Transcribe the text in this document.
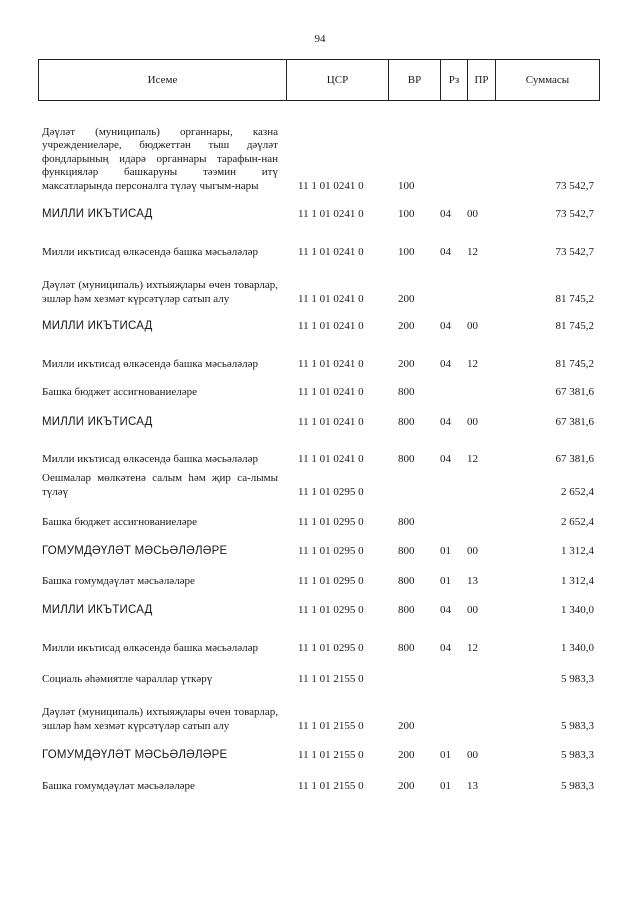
94
Исеме	ЦСР	ВР	Рз	ПР	Суммасы
Дәүләт (муниципаль) органнары, казна учреждениеләре, бюджеттән тыш дәүләт фондларының идарә органнары тарафын-нан функцияләр башкаруны тәэмин итү максатларында персоналга түләү чыгым-нары	11 1 01 0241 0	100	73 542,7
МИЛЛИ ИКЪТИСАД	11 1 01 0241 0	100 04 00	73 542,7
Милли икътисад өлкәсендә башка мәсьәләләр	11 1 01 0241 0	100 04 12	73 542,7
Дәүләт (муниципаль) ихтыяҗлары өчен товарлар, эшләр һәм хезмәт күрсәтүләр сатып алу	11 1 01 0241 0	200	81 745,2
МИЛЛИ ИКЪТИСАД	11 1 01 0241 0	200 04 00	81 745,2
Милли икътисад өлкәсендә башка мәсьәләләр	11 1 01 0241 0	200 04 12	81 745,2
Башка бюджет ассигнованиеләре	11 1 01 0241 0	800	67 381,6
МИЛЛИ ИКЪТИСАД	11 1 01 0241 0	800 04 00	67 381,6
Милли икътисад өлкәсендә башка мәсьәләләр	11 1 01 0241 0	800 04 12	67 381,6
Оешмалар мөлкәтенә салым һәм җир са-лымы түләү	11 1 01 0295 0	2 652,4
Башка бюджет ассигнованиеләре	11 1 01 0295 0	800	2 652,4
ГОМУМДӘҮЛӘТ МӘСЬӘЛӘЛӘРЕ	11 1 01 0295 0	800 01 00	1 312,4
Башка гомумдәүләт мәсьәләләре	11 1 01 0295 0	800 01 13	1 312,4
МИЛЛИ ИКЪТИСАД	11 1 01 0295 0	800 04 00	1 340,0
Милли икътисад өлкәсендә башка мәсьәләләр	11 1 01 0295 0	800 04 12	1 340,0
Социаль әһәмиятле чараллар үткәрү	11 1 01 2155 0	5 983,3
Дәүләт (муниципаль) ихтыяҗлары өчен товарлар, эшләр һәм хезмәт күрсәтүләр сатып алу	11 1 01 2155 0	200	5 983,3
ГОМУМДӘҮЛӘТ МӘСЬӘЛӘЛӘРЕ	11 1 01 2155 0	200 01 00	5 983,3
Башка гомумдәүләт мәсьәләләре	11 1 01 2155 0	200 01 13	5 983,3
